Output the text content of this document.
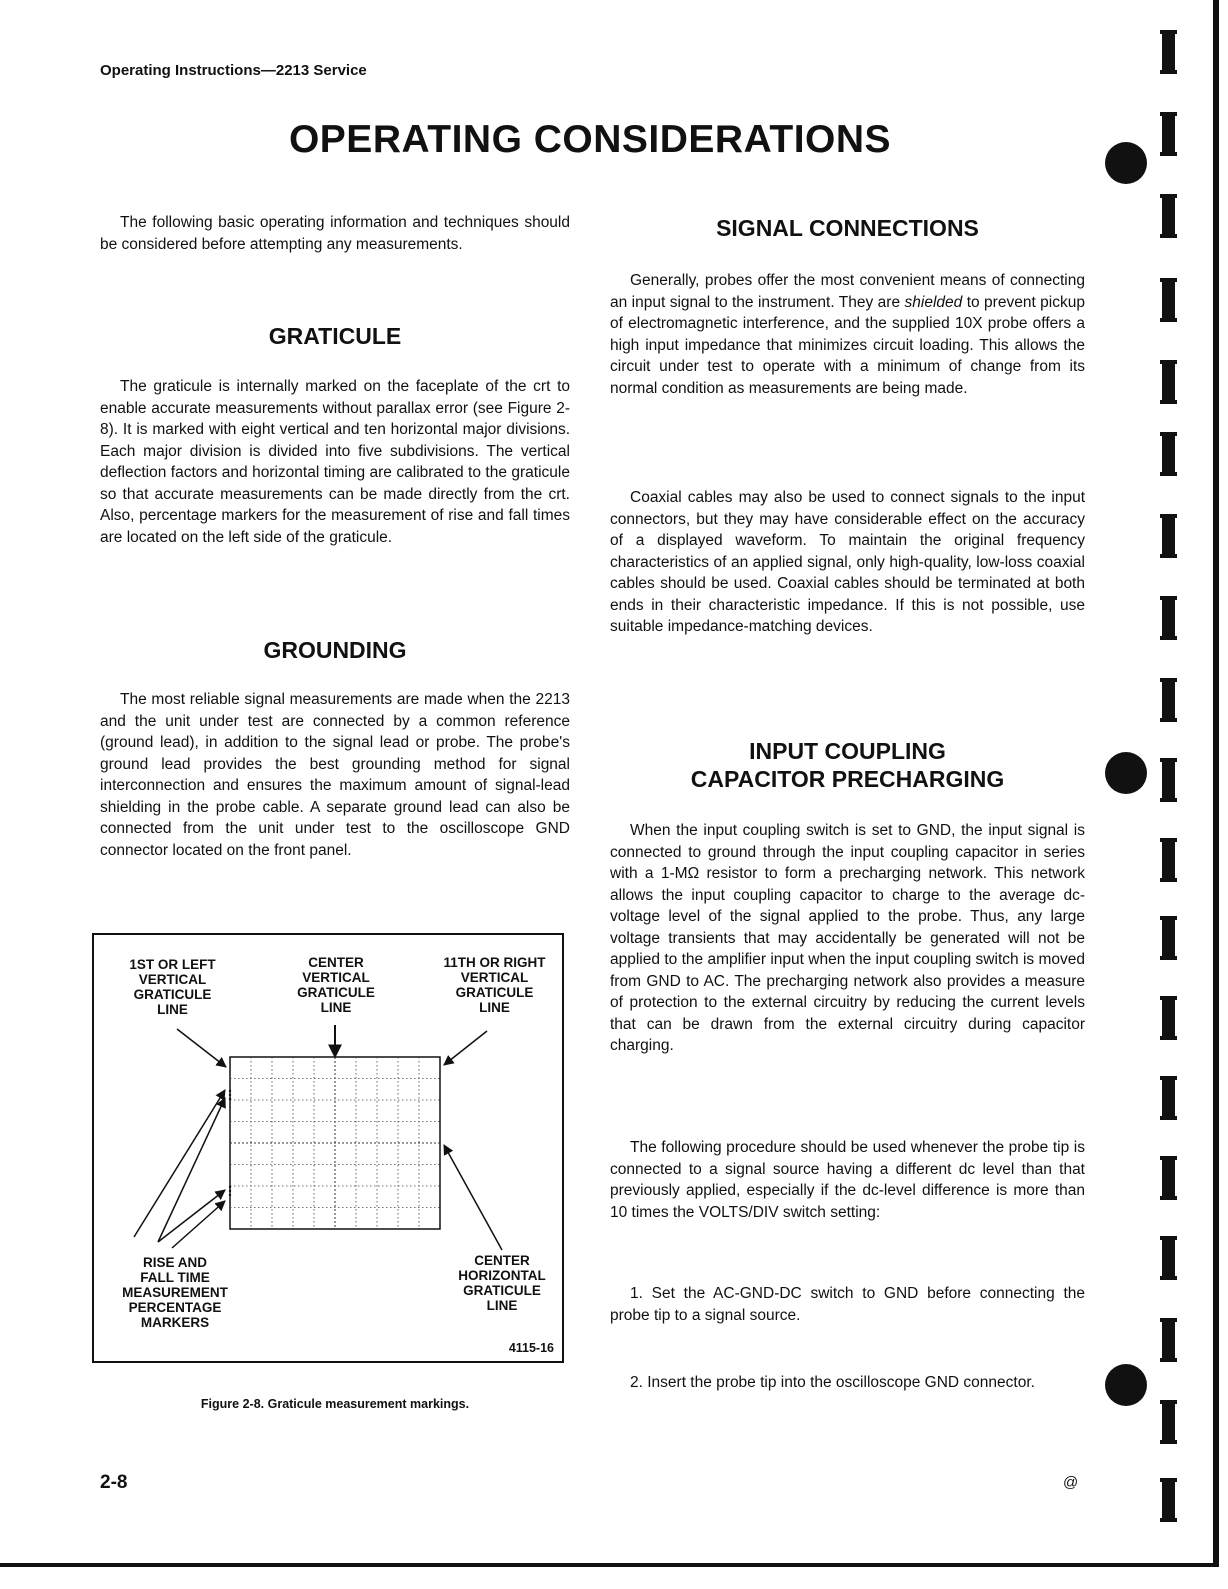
Operating Instructions—2213 Service
OPERATING CONSIDERATIONS

The following basic operating information and techniques should be considered before attempting any measurements.

GRATICULE

The graticule is internally marked on the faceplate of the crt to enable accurate measurements without parallax error (see Figure 2-8). It is marked with eight vertical and ten horizontal major divisions. Each major division is divided into five subdivisions. The vertical deflection factors and horizontal timing are calibrated to the graticule so that accurate measurements can be made directly from the crt. Also, percentage markers for the measurement of rise and fall times are located on the left side of the graticule.

GROUNDING

The most reliable signal measurements are made when the 2213 and the unit under test are connected by a common reference (ground lead), in addition to the signal lead or probe. The probe's ground lead provides the best grounding method for signal interconnection and ensures the maximum amount of signal-lead shielding in the probe cable. A separate ground lead can also be connected from the unit under test to the oscilloscope GND connector located on the front panel.

1ST OR LEFT
VERTICAL
GRATICULE
LINE
CENTER
VERTICAL
GRATICULE
LINE
11TH OR RIGHT
VERTICAL
GRATICULE
LINE
RISE AND
FALL TIME
MEASUREMENT
PERCENTAGE
MARKERS
CENTER
HORIZONTAL
GRATICULE
LINE
4115-16
Figure 2-8. Graticule measurement markings.
SIGNAL CONNECTIONS

Generally, probes offer the most convenient means of connecting an input signal to the instrument. They are shielded to prevent pickup of electromagnetic interference, and the supplied 10X probe offers a high input impedance that minimizes circuit loading. This allows the circuit under test to operate with a minimum of change from its normal condition as measurements are being made.

Coaxial cables may also be used to connect signals to the input connectors, but they may have considerable effect on the accuracy of a displayed waveform. To maintain the original frequency characteristics of an applied signal, only high-quality, low-loss coaxial cables should be used. Coaxial cables should be terminated at both ends in their characteristic impedance. If this is not possible, use suitable impedance-matching devices.

INPUT COUPLING
CAPACITOR PRECHARGING

When the input coupling switch is set to GND, the input signal is connected to ground through the input coupling capacitor in series with a 1-MΩ resistor to form a precharging network. This network allows the input coupling capacitor to charge to the average dc-voltage level of the signal applied to the probe. Thus, any large voltage transients that may accidentally be generated will not be applied to the amplifier input when the input coupling switch is moved from GND to AC. The precharging network also provides a measure of protection to the external circuitry by reducing the current levels that can be drawn from the external circuitry during capacitor charging.

The following procedure should be used whenever the probe tip is connected to a signal source having a different dc level than that previously applied, especially if the dc-level difference is more than 10 times the VOLTS/DIV switch setting:

1. Set the AC-GND-DC switch to GND before connecting the probe tip to a signal source.

2. Insert the probe tip into the oscilloscope GND connector.

2-8	@
